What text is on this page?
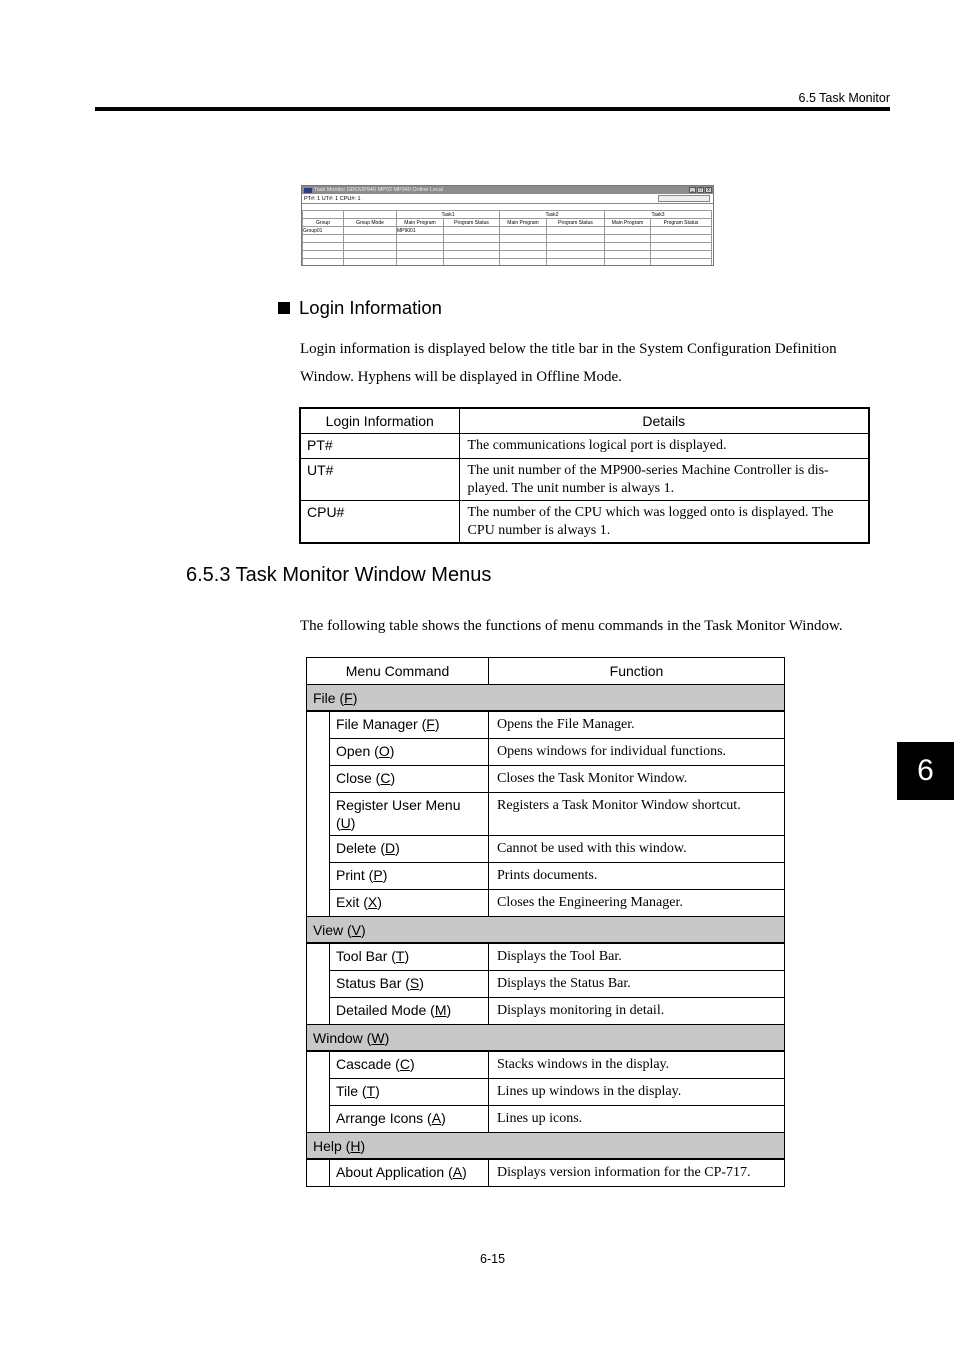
6.5 Task Monitor
Task Monitor GROUP940 MP02 MP940 Online Local	_	□	x
PT#: 1 UT#: 1 CPU#: 1
		Task1		Task2		Task3	
Group	Group Mode	Main Program	Program Status	Main Program	Program Status	Main Program	Program Status
Group01		MP9001					

Login Information
Login information is displayed below the title bar in the System Configuration Definition Window. Hyphens will be displayed in Offline Mode.
Login Information	Details
PT#	The communications logical port is displayed.
UT#	The unit number of the MP900-series Machine Controller is dis-played. The unit number is always 1.
CPU#	The number of the CPU which was logged onto is displayed. The CPU number is always 1.
6.5.3 Task Monitor Window Menus
The following table shows the functions of menu commands in the Task Monitor Window.
Menu Command		Function
File (F)		
	File Manager (F)	Opens the File Manager.
	Open (O)	Opens windows for individual functions.
	Close (C)	Closes the Task Monitor Window.
	Register User Menu (U)	Registers a Task Monitor Window shortcut.
	Delete (D)	Cannot be used with this window.
	Print (P)	Prints documents.
	Exit (X)	Closes the Engineering Manager.
View (V)		
	Tool Bar (T)	Displays the Tool Bar.
	Status Bar (S)	Displays the Status Bar.
	Detailed Mode (M)	Displays monitoring in detail.
Window (W)		
	Cascade (C)	Stacks windows in the display.
	Tile (T)	Lines up windows in the display.
	Arrange Icons (A)	Lines up icons.
Help (H)		
	About Application (A)	Displays version information for the CP-717.
6
6-15
